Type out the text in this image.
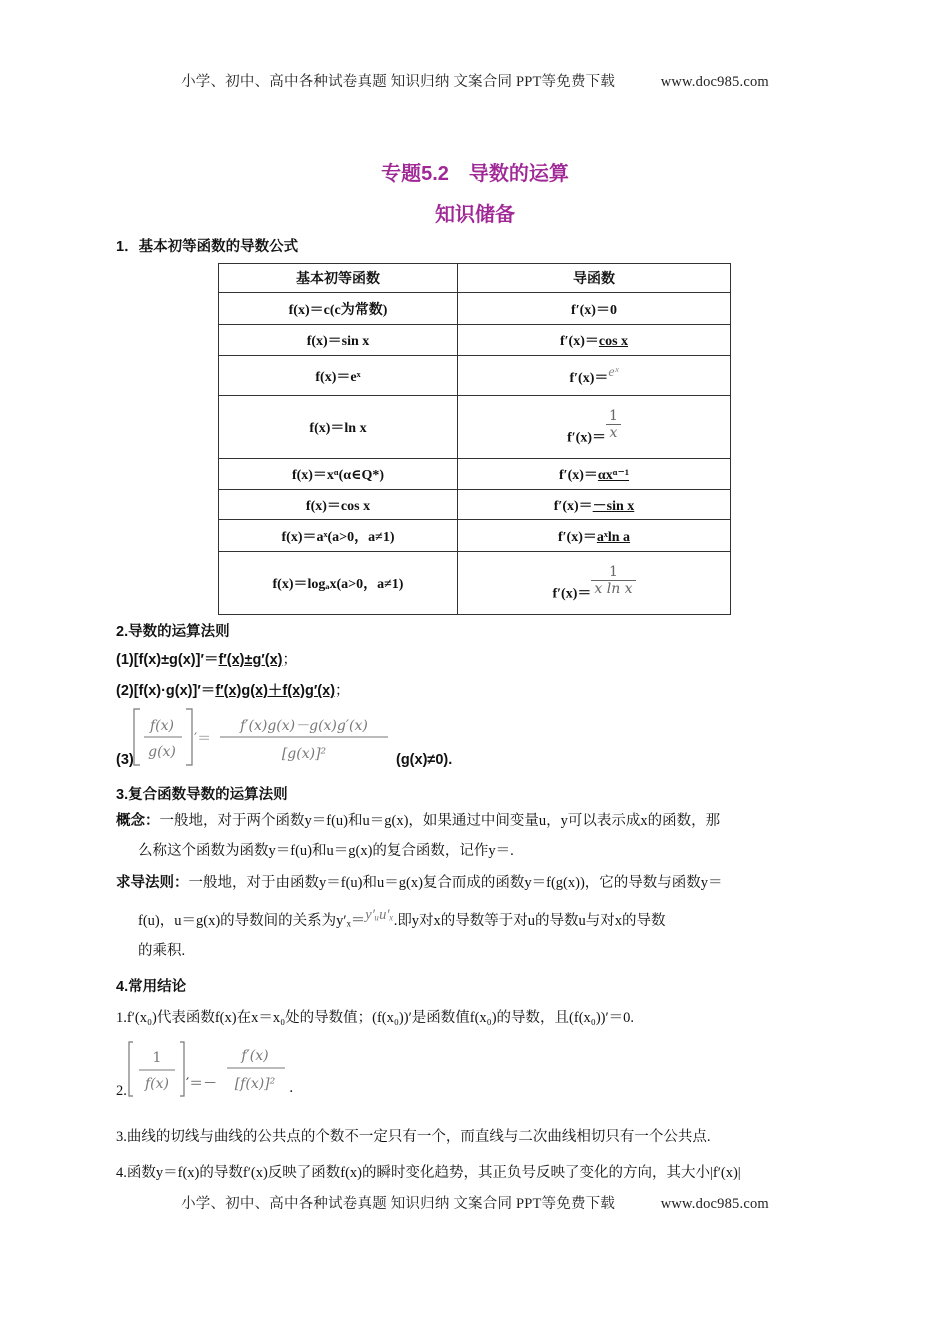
小学、初中、高中各种试卷真题 知识归纳 文案合同 PPT等免费下载	www.doc985.com
专题5.2　导数的运算
知识储备
1．基本初等函数的导数公式
基本初等函数	导函数
f(x)＝c(c为常数)	f′(x)＝0
f(x)＝sin x	f′(x)＝cos x
f(x)＝eˣ	f′(x)＝eˣ
f(x)＝ln x	$f'(x)= \frac{1}{x}$

f(x)＝xᵅ(α∈Q*)	f′(x)＝αxᵅ⁻¹
f(x)＝cos x	f′(x)＝－sin x
f(x)＝aˣ(a>0，a≠1)	f′(x)＝aˣln a
f(x)＝logₐx(a>0，a≠1)	$f'(x)= \frac{1}{\text{x ln x}}$
2.导数的运算法则
(1)[f(x)±g(x)]′＝f′(x)±g′(x)；
(2)[f(x)·g(x)]′＝f′(x)g(x)＋f(x)g′(x)；
(3)
f(x)
g(x)
′＝
f′(x)g(x)－g(x)g′(x)
[g(x)]²	(g(x)≠0).
3.复合函数导数的运算法则
概念：一般地，对于两个函数y＝f(u)和u＝g(x)，如果通过中间变量u，y可以表示成x的函数，那
么称这个函数为函数y＝f(u)和u＝g(x)的复合函数，记作y＝.
求导法则：一般地，对于由函数y＝f(u)和u＝g(x)复合而成的函数y＝f(g(x))，它的导数与函数y＝
f(u)，u＝g(x)的导数间的关系为y′ₓ＝y′ᵤu′ₓ.即y对x的导数等于对u的导数u与对x的导数
的乘积.
4.常用结论
1.f′(x₀)代表函数f(x)在x＝x₀处的导数值；(f(x₀))′是函数值f(x₀)的导数，且(f(x₀))′＝0.
2.
1
f(x) ′＝－
f′(x)
[f(x)]² .
3.曲线的切线与曲线的公共点的个数不一定只有一个，而直线与二次曲线相切只有一个公共点.
4.函数y＝f(x)的导数f′(x)反映了函数f(x)的瞬时变化趋势，其正负号反映了变化的方向，其大小|f′(x)|
小学、初中、高中各种试卷真题 知识归纳 文案合同 PPT等免费下载	www.doc985.com
